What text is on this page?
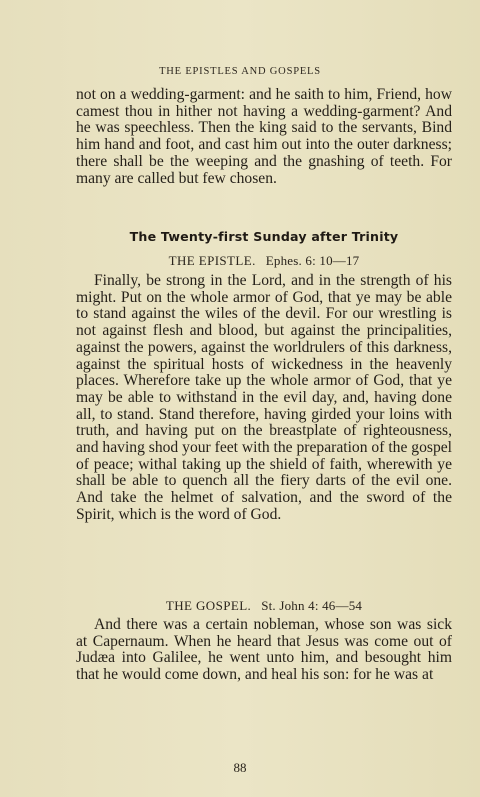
THE EPISTLES AND GOSPELS

not on a wedding-garment: and he saith to him, Friend, how camest thou in hither not having a wedding-garment? And he was speechless. Then the king said to the servants, Bind him hand and foot, and cast him out into the outer darkness; there shall be the weeping and the gnashing of teeth. For many are called but few chosen.

The Twenty-first Sunday after Trinity
THE EPISTLE. Ephes. 6: 10—17

Finally, be strong in the Lord, and in the strength of his might. Put on the whole armor of God, that ye may be able to stand against the wiles of the devil. For our wrestling is not against flesh and blood, but against the principalities, against the powers, against the worldrulers of this darkness, against the spiritual hosts of wickedness in the heavenly places. Wherefore take up the whole armor of God, that ye may be able to withstand in the evil day, and, having done all, to stand. Stand therefore, having girded your loins with truth, and having put on the breastplate of righteousness, and having shod your feet with the preparation of the gospel of peace; withal taking up the shield of faith, wherewith ye shall be able to quench all the fiery darts of the evil one. And take the helmet of salvation, and the sword of the Spirit, which is the word of God.

THE GOSPEL. St. John 4: 46—54

And there was a certain nobleman, whose son was sick at Capernaum. When he heard that Jesus was come out of Judæa into Galilee, he went unto him, and besought him that he would come down, and heal his son: for he was at

88
